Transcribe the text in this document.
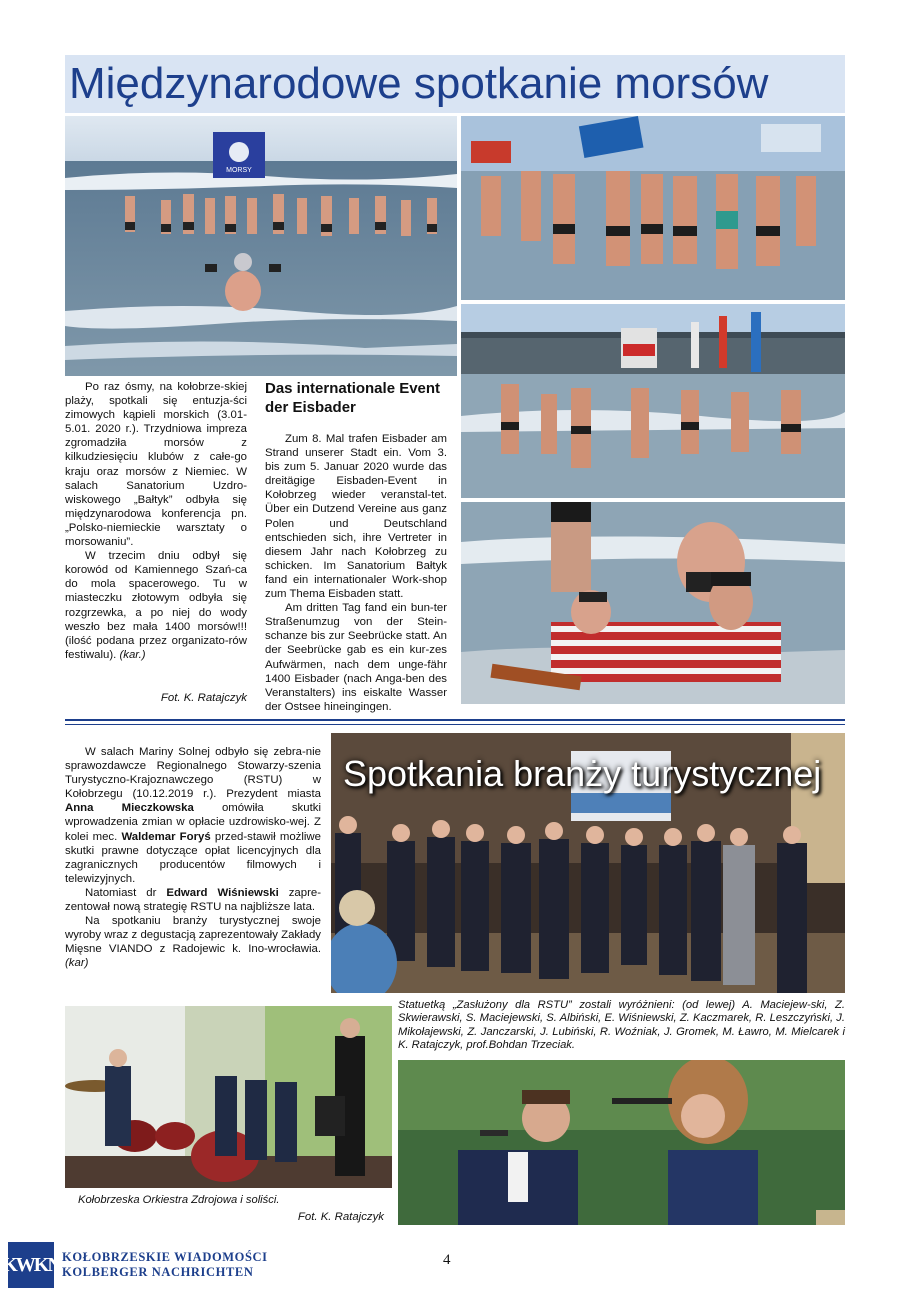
Międzynarodowe spotkanie morsów
MORSY

Po raz ósmy, na kołobrze-skiej plaży, spotkali się entuzja-ści zimowych kąpieli morskich (3.01-5.01. 2020 r.). Trzydniowa impreza zgromadziła morsów z kilkudziesięciu klubów z całe-go kraju oraz morsów z Niemiec. W salach Sanatorium Uzdro-wiskowego „Bałtyk” odbyła się międzynarodowa konferencja pn. „Polsko-niemieckie warsztaty o morsowaniu”.

W trzecim dniu odbył się korowód od Kamiennego Szań-ca do mola spacerowego. Tu w miasteczku złotowym odbyła się rozgrzewka, a po niej do wody weszło bez mała 1400 morsów!!! (ilość podana przez organizato-rów festiwalu). (kar.)

Fot. K. Ratajczyk
Das internationale Event der Eisbader

Zum 8. Mal trafen Eisbader am Strand unserer Stadt ein. Vom 3. bis zum 5. Januar 2020 wurde das dreitägige Eisbaden-Event in Kołobrzeg wieder veranstal-tet. Über ein Dutzend Vereine aus ganz Polen und Deutschland entschieden sich, ihre Vertreter in diesem Jahr nach Kołobrzeg zu schicken. Im Sanatorium Bałtyk fand ein internationaler Work-shop zum Thema Eisbaden statt.

Am dritten Tag fand ein bun-ter Straßenumzug von der Stein-schanze bis zur Seebrücke statt. An der Seebrücke gab es ein kur-zes Aufwärmen, nach dem unge-fähr 1400 Eisbader (nach Anga-ben des Veranstalters) ins eiskalte Wasser der Ostsee hineingingen.

W salach Mariny Solnej odbyło się zebra-nie sprawozdawcze Regionalnego Stowarzy-szenia Turystyczno-Krajoznawczego (RSTU) w Kołobrzegu (10.12.2019 r.). Prezydent miasta Anna Mieczkowska omówiła skutki wprowadzenia zmian w opłacie uzdrowisko-wej. Z kolei mec. Waldemar Foryś przed-stawił możliwe skutki prawne dotyczące opłat licencyjnych dla zagranicznych producentów filmowych i telewizyjnych.

Natomiast dr Edward Wiśniewski zapre-zentował nową strategię RSTU na najbliższe lata.

Na spotkaniu branży turystycznej swoje wyroby wraz z degustacją zaprezentowały Zakłady Mięsne VIANDO z Radojewic k. Ino-wrocławia. (kar)

Spotkania branży turystycznej
Statuetką „Zasłużony dla RSTU” zostali wyróżnieni: (od lewej) A. Maciejew-ski, Z. Skwierawski, S. Maciejewski, S. Albiński, E. Wiśniewski, Z. Kaczmarek, R. Leszczyński, J. Mikołajewski, Z. Janczarski, J. Lubiński, R. Woźniak, J. Gromek, M. Ławro, M. Mielcarek i K. Ratajczyk, prof.Bohdan Trzeciak.
Kołobrzeska Orkiestra Zdrojowa i soliści.
Fot. K. Ratajczyk
KWKN KOŁOBRZESKIE WIADOMOŚCI
KOLBERGER NACHRICHTEN
4
